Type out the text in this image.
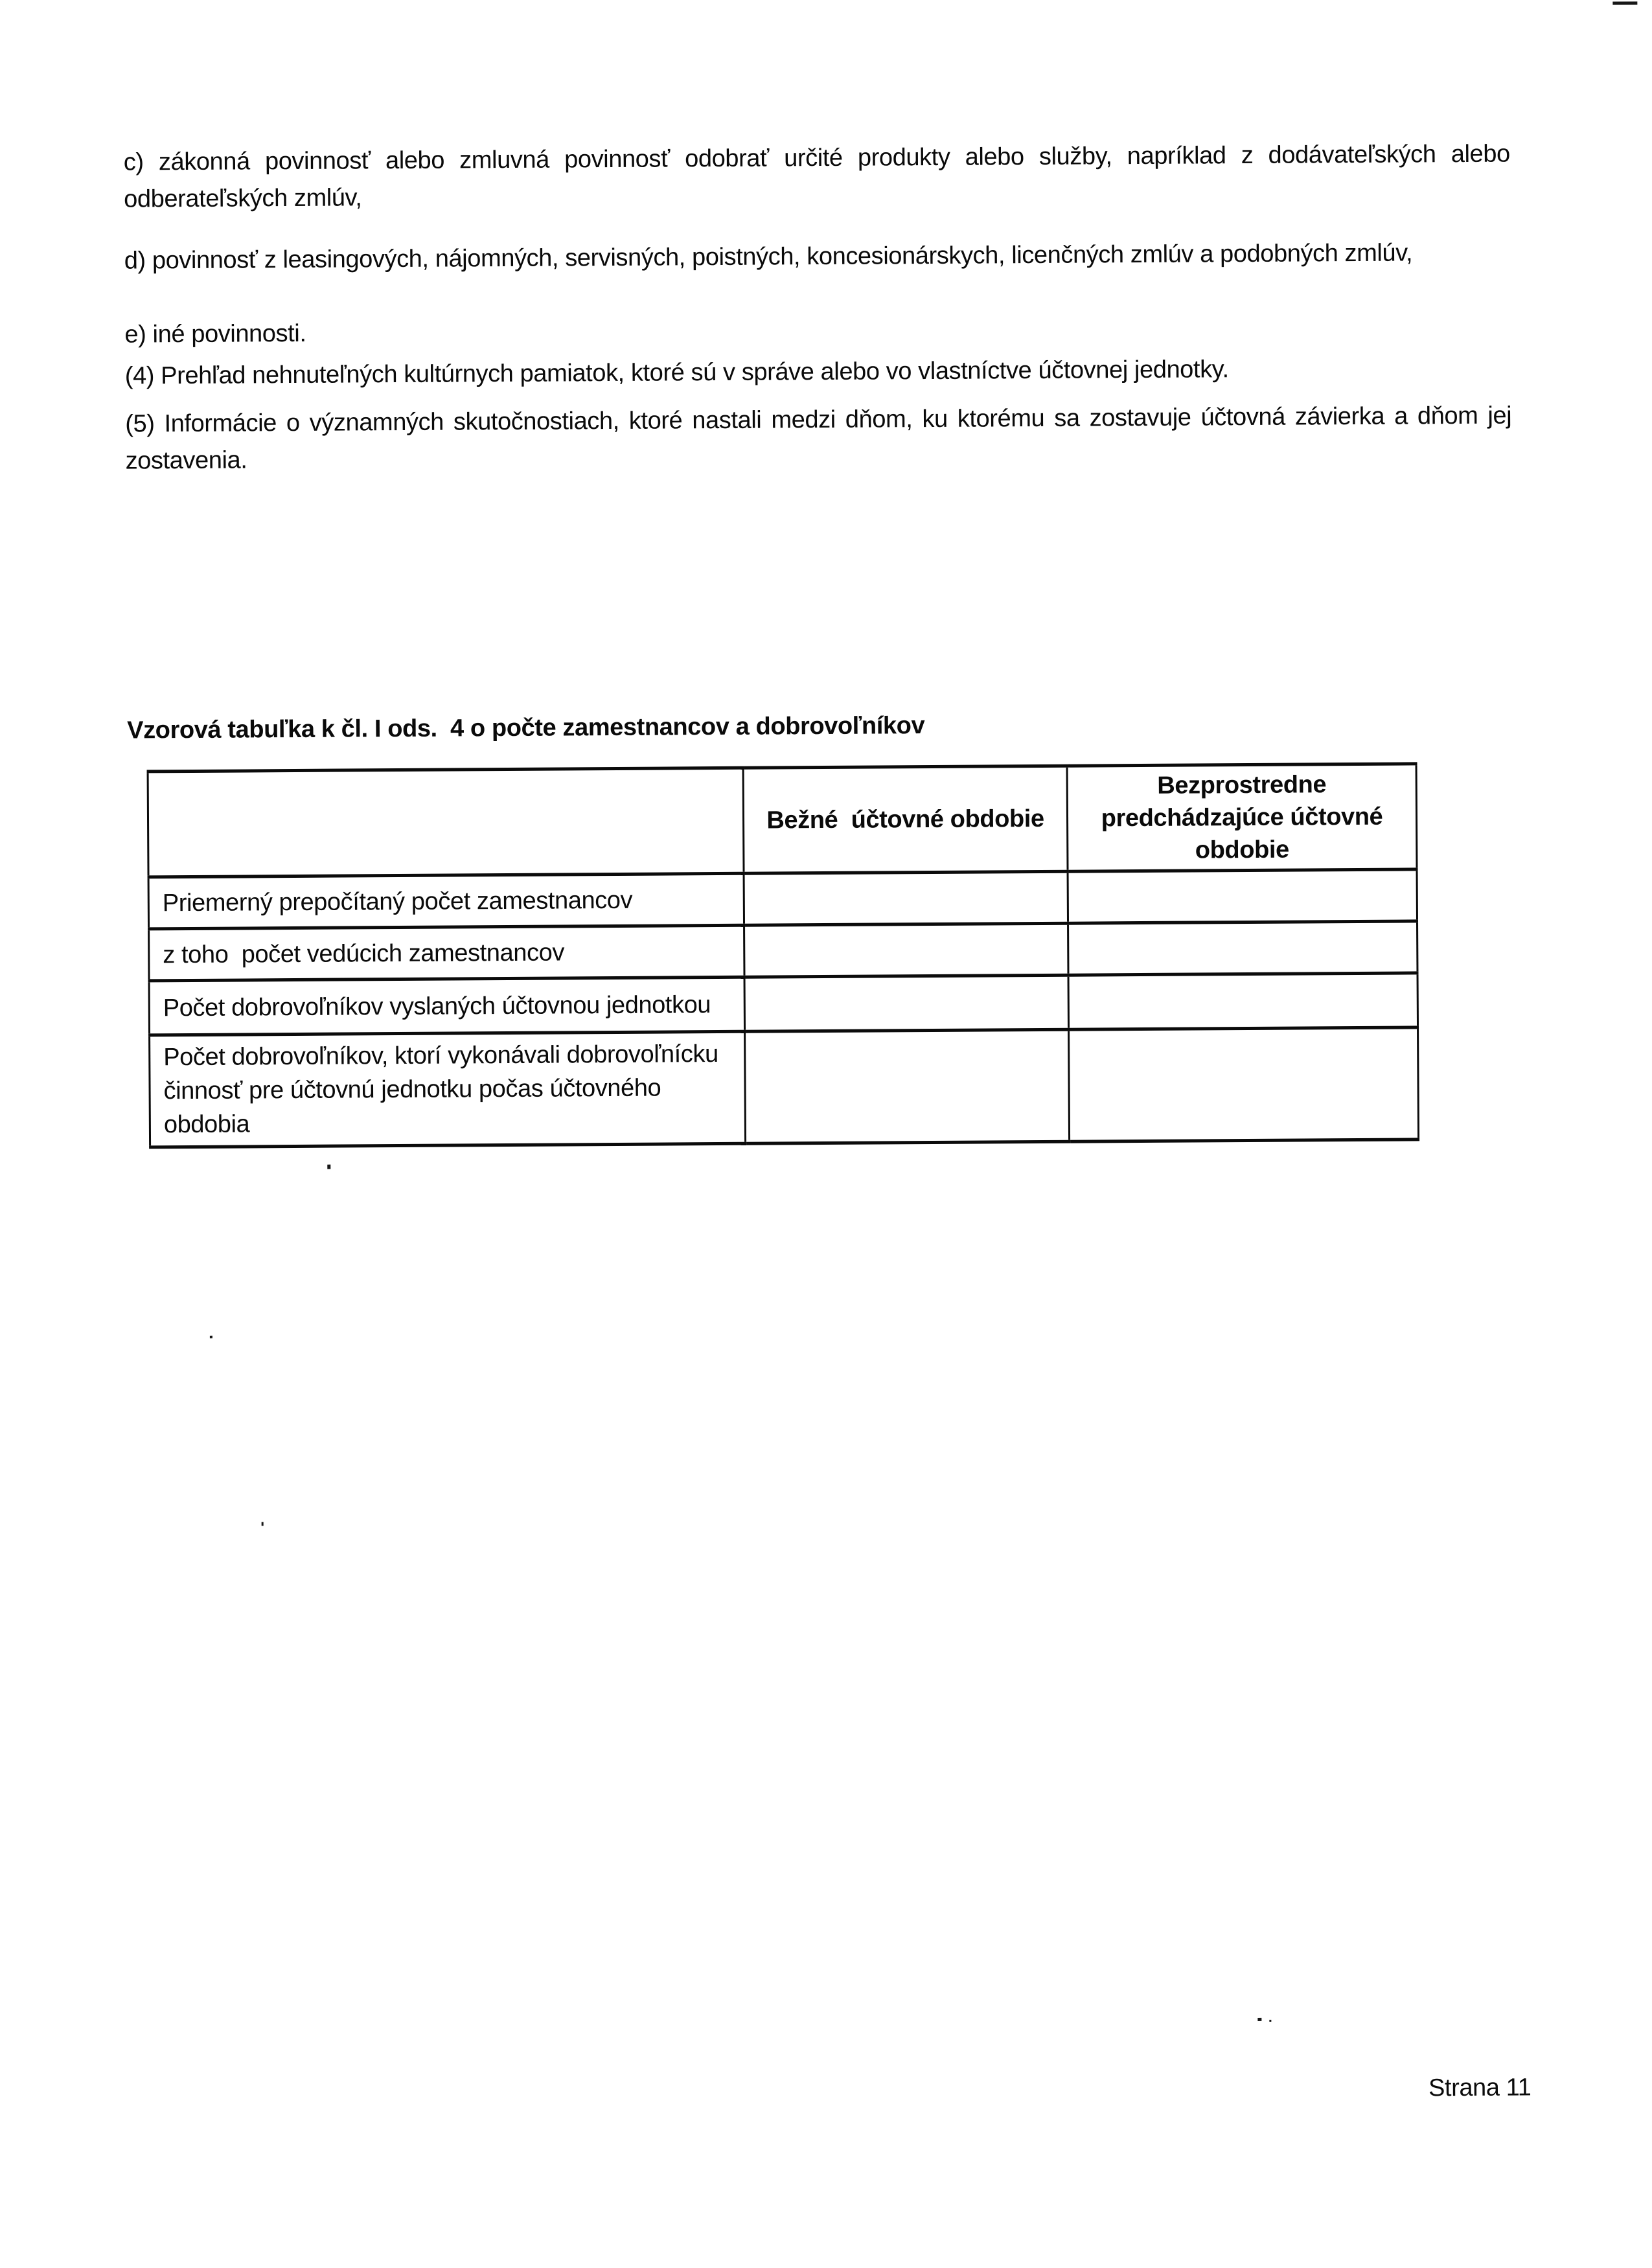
c) zákonná povinnosť alebo zmluvná povinnosť odobrať určité produkty alebo služby, napríklad z dodávateľských alebo odberateľských zmlúv,

d) povinnosť z leasingových, nájomných, servisných, poistných, koncesionárskych, licenčných zmlúv a podobných zmlúv,

e) iné povinnosti.

(4) Prehľad nehnuteľných kultúrnych pamiatok, ktoré sú v správe alebo vo vlastníctve účtovnej jednotky.

(5) Informácie o významných skutočnostiach, ktoré nastali medzi dňom, ku ktorému sa zostavuje účtovná závierka a dňom jej zostavenia.

Vzorová tabuľka k čl. I ods.  4 o počte zamestnancov a dobrovoľníkov
	Bežné  účtovné obdobie	Bezprostredne predchádzajúce účtovné obdobie
Priemerný prepočítaný počet zamestnancov		
z toho  počet vedúcich zamestnancov		
Počet dobrovoľníkov vyslaných účtovnou jednotkou		
Počet dobrovoľníkov, ktorí vykonávali dobrovoľnícku činnosť pre účtovnú jednotku počas účtovného obdobia		
Strana 11
